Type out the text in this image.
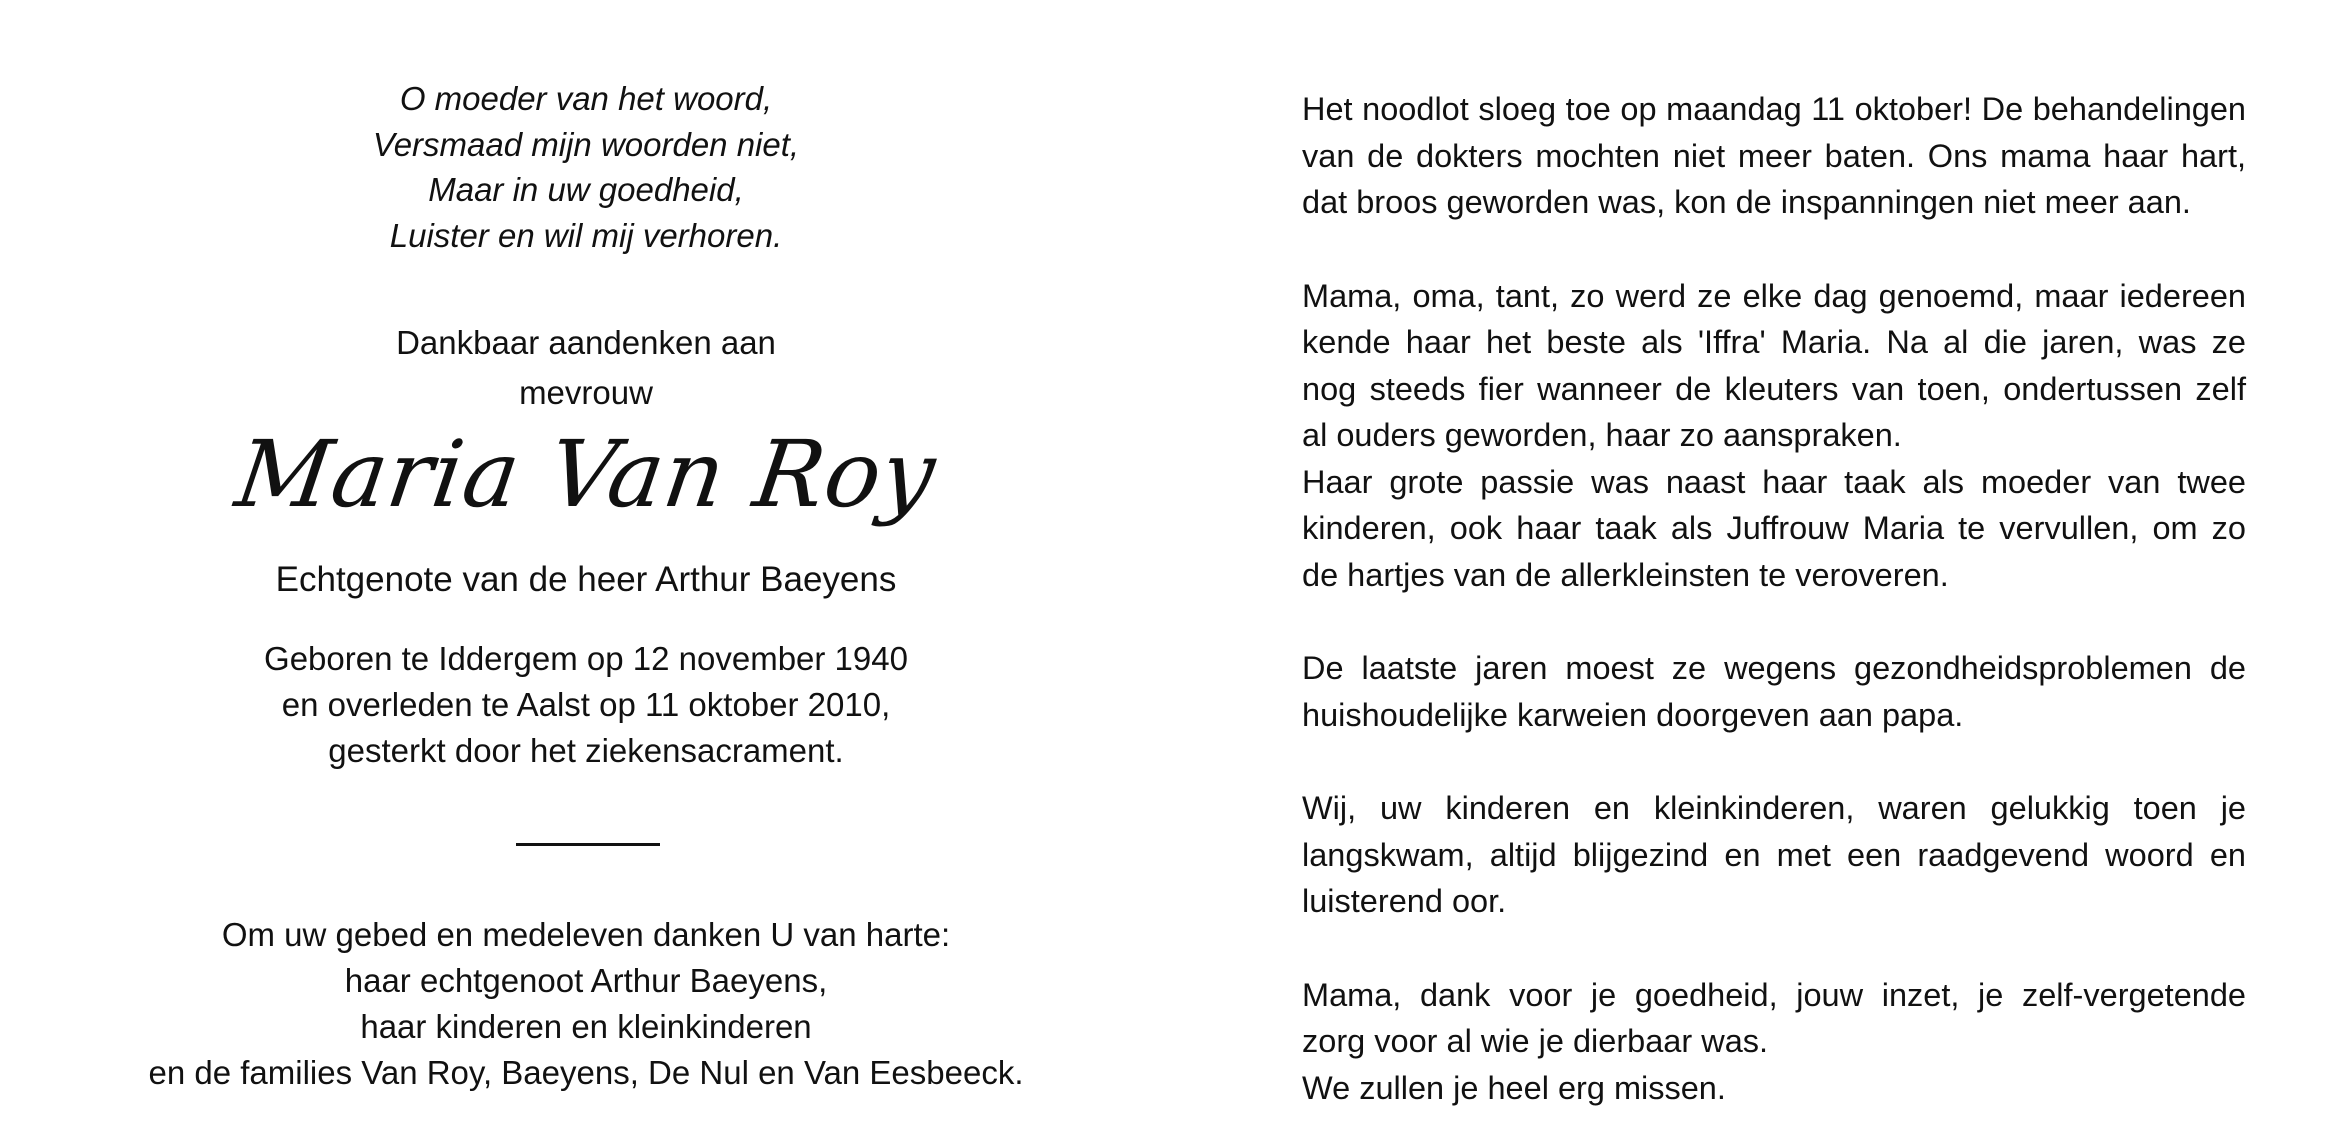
O moeder van het woord,
Versmaad mijn woorden niet,
Maar in uw goedheid,
Luister en wil mij verhoren.
Dankbaar aandenken aan
mevrouw
Maria Van Roy
Echtgenote van de heer Arthur Baeyens
Geboren te Iddergem op 12 november 1940
en overleden te Aalst op 11 oktober 2010,
gesterkt door het ziekensacrament.
Om uw gebed en medeleven danken U van harte:
haar echtgenoot Arthur Baeyens,
haar kinderen en kleinkinderen
en de families Van Roy, Baeyens, De Nul en Van Eesbeeck.
Het noodlot sloeg toe op maandag 11 oktober! De behandelingen
van de dokters mochten niet meer baten. Ons mama haar hart,
dat broos geworden was, kon de inspanningen niet meer aan.
Mama, oma, tant, zo werd ze elke dag genoemd, maar iedereen
kende haar het beste als 'Iffra' Maria. Na al die jaren, was ze
nog steeds fier wanneer de kleuters van toen, ondertussen zelf
al ouders geworden, haar zo aanspraken.
Haar grote passie was naast haar taak als moeder van twee
kinderen, ook haar taak als Juffrouw Maria te vervullen, om zo
de hartjes van de allerkleinsten te veroveren.
De laatste jaren moest ze wegens gezondheidsproblemen de
huishoudelijke karweien doorgeven aan papa.
Wij, uw kinderen en kleinkinderen, waren gelukkig toen je
langskwam, altijd blijgezind en met een raadgevend woord en
luisterend oor.
Mama, dank voor je goedheid, jouw inzet, je zelf-vergetende
zorg voor al wie je dierbaar was.
We zullen je heel erg missen.
